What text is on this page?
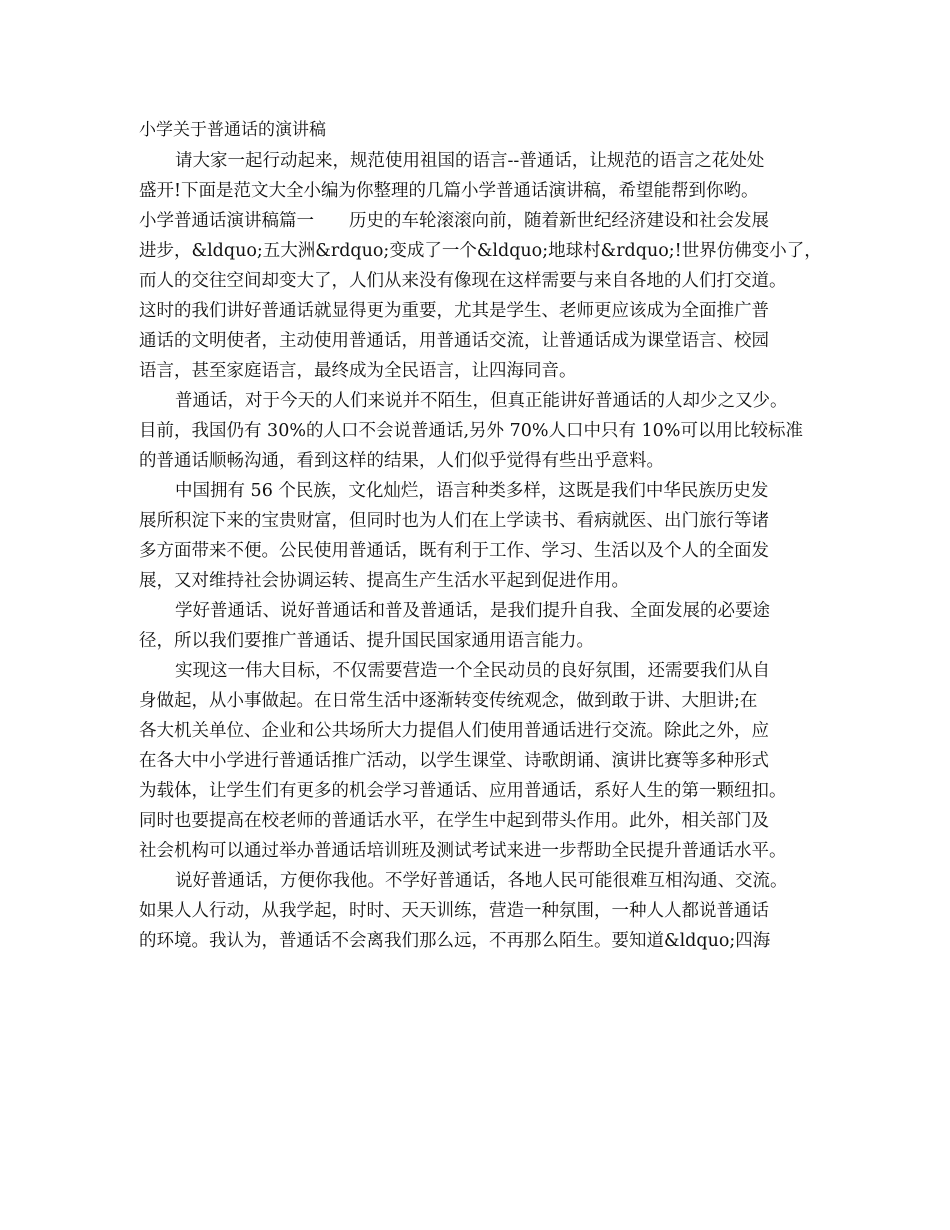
小学关于普通话的演讲稿
请大家一起行动起来，规范使用祖国的语言--普通话，让规范的语言之花处处
盛开!下面是范文大全小编为你整理的几篇小学普通话演讲稿，希望能帮到你哟。
小学普通话演讲稿篇一　　历史的车轮滚滚向前，随着新世纪经济建设和社会发展
进步，&ldquo;五大洲&rdquo;变成了一个&ldquo;地球村&rdquo;!世界仿佛变小了，
而人的交往空间却变大了，人们从来没有像现在这样需要与来自各地的人们打交道。
这时的我们讲好普通话就显得更为重要，尤其是学生、老师更应该成为全面推广普
通话的文明使者，主动使用普通话，用普通话交流，让普通话成为课堂语言、校园
语言，甚至家庭语言，最终成为全民语言，让四海同音。
普通话，对于今天的人们来说并不陌生，但真正能讲好普通话的人却少之又少。
目前，我国仍有 30%的人口不会说普通话,另外 70%人口中只有 10%可以用比较标准
的普通话顺畅沟通，看到这样的结果，人们似乎觉得有些出乎意料。
中国拥有 56 个民族，文化灿烂，语言种类多样，这既是我们中华民族历史发
展所积淀下来的宝贵财富，但同时也为人们在上学读书、看病就医、出门旅行等诸
多方面带来不便。公民使用普通话，既有利于工作、学习、生活以及个人的全面发
展，又对维持社会协调运转、提高生产生活水平起到促进作用。
学好普通话、说好普通话和普及普通话，是我们提升自我、全面发展的必要途
径，所以我们要推广普通话、提升国民国家通用语言能力。
实现这一伟大目标，不仅需要营造一个全民动员的良好氛围，还需要我们从自
身做起，从小事做起。在日常生活中逐渐转变传统观念，做到敢于讲、大胆讲;在
各大机关单位、企业和公共场所大力提倡人们使用普通话进行交流。除此之外，应
在各大中小学进行普通话推广活动，以学生课堂、诗歌朗诵、演讲比赛等多种形式
为载体，让学生们有更多的机会学习普通话、应用普通话，系好人生的第一颗纽扣。
同时也要提高在校老师的普通话水平，在学生中起到带头作用。此外，相关部门及
社会机构可以通过举办普通话培训班及测试考试来进一步帮助全民提升普通话水平。
说好普通话，方便你我他。不学好普通话，各地人民可能很难互相沟通、交流。
如果人人行动，从我学起，时时、天天训练，营造一种氛围，一种人人都说普通话
的环境。我认为，普通话不会离我们那么远，不再那么陌生。要知道&ldquo;四海
